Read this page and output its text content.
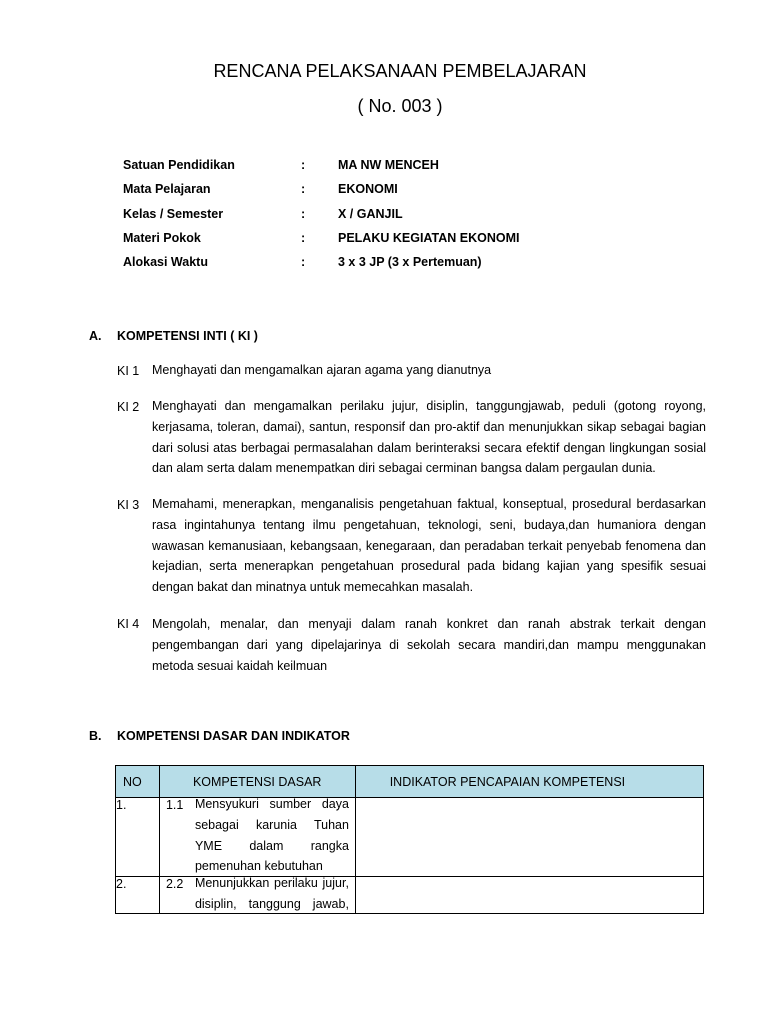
RENCANA PELAKSANAAN PEMBELAJARAN
( No. 003 )
Satuan Pendidikan	:	MA NW MENCEH
Mata Pelajaran	:	EKONOMI
Kelas / Semester	:	X / GANJIL
Materi Pokok	:	PELAKU KEGIATAN EKONOMI
Alokasi Waktu	:	3 x 3 JP (3 x Pertemuan)
A. KOMPETENSI INTI ( KI )
KI 1 Menghayati dan mengamalkan ajaran agama yang dianutnya
KI 2 Menghayati dan mengamalkan perilaku jujur, disiplin, tanggungjawab, peduli (gotong royong, kerjasama, toleran, damai), santun, responsif dan pro-aktif dan menunjukkan sikap sebagai bagian dari solusi atas berbagai permasalahan dalam berinteraksi secara efektif dengan lingkungan sosial dan alam serta dalam menempatkan diri sebagai cerminan bangsa dalam pergaulan dunia.
KI 3 Memahami, menerapkan, menganalisis pengetahuan faktual, konseptual, prosedural berdasarkan rasa ingintahunya tentang ilmu pengetahuan, teknologi, seni, budaya,dan humaniora dengan wawasan kemanusiaan, kebangsaan, kenegaraan, dan peradaban terkait penyebab fenomena dan kejadian, serta menerapkan pengetahuan prosedural pada bidang kajian yang spesifik sesuai dengan bakat dan minatnya untuk memecahkan masalah.
KI 4 Mengolah, menalar, dan menyaji dalam ranah konkret dan ranah abstrak terkait dengan pengembangan dari yang dipelajarinya di sekolah secara mandiri,dan mampu menggunakan metoda sesuai kaidah keilmuan
B. KOMPETENSI DASAR DAN INDIKATOR
NO	KOMPETENSI DASAR	INDIKATOR PENCAPAIAN KOMPETENSI

1.	1.1 Mensyukuri sumber daya
sebagai karunia Tuhan
YME dalam rangka
pemenuhan kebutuhan	

2.	2.2 Menunjukkan perilaku jujur,
disiplin, tanggung jawab,	
